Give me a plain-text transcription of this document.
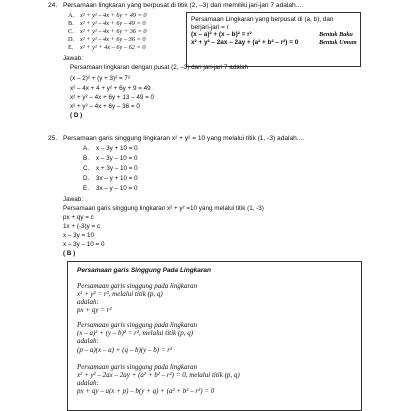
24. Persamaan lingkaran yang berpusat di titik (2, –3) dan memiliki jari-jari 7 adalah....
A. x² + y² – 4x + 6y + 49 = 0
B. x² + y² – 4x + 6y – 49 = 0
C. x² + y² – 4x + 6y + 36 = 0
D. x² + y² – 4x + 6y – 36 = 0
E. x² + y² + 4x – 6y – 62 = 0
Persamaan Lingkaran yang berpusat di (a, b), dan
berjari-jari = r
(x – a)² + (x – b)² = r²	Bentuk Baku
x² + y² – 2ax – 2ay + (a² + b² – r²) = 0	Bentuk Umum
Jawab:
Persamaan lingkaran dengan pusat (2, –3) dan jari-jari 7 adalah
(x – 2)² + (y + 3)² = 7²
x² – 4x + 4 + y² + 6y + 9 = 49
x² + y² – 4x + 6y + 13 – 49 = 0
x² + y² – 4x + 6y – 36 = 0
( D )
25. Persamaan garis singgung lingkaran x² + y² = 10 yang melalui titik (1, -3) adalah....
A. x – 3y + 10 = 0
B. x – 3y – 10 = 0
C. x + 3y – 10 = 0
D. 3x – y + 10 = 0
E. 3x – y – 10 = 0
Jawab:
Persamaan garis singgung lingkaran x² + y² =10 yang melalui titik (1, -3)
px + qy = c
1x + (-3)y = c
x – 3y = 10
x – 3y – 10 = 0
( B )
Persamaan garis Singgung Pada Lingkaran
Persamaan garis singgung pada lingkaran
x² + y² = r², melalui titik (p, q)
adalah:
px + qy = r²
Persamaan garis singgung pada lingkaran
(x – a)² + (y – b)² = r², melalui titik (p, q)
adalah:
(p – a)(x – a) + (q – b)(y – b) = r²
Persamaan garis singgung pada lingkaran
x² + y² – 2ax – 2ay + (a² + b² – r²) = 0, melalui titik (p, q)
adalah:
px + qy – a(x + p) – b(y + q) + (a² + b² – r²) = 0
